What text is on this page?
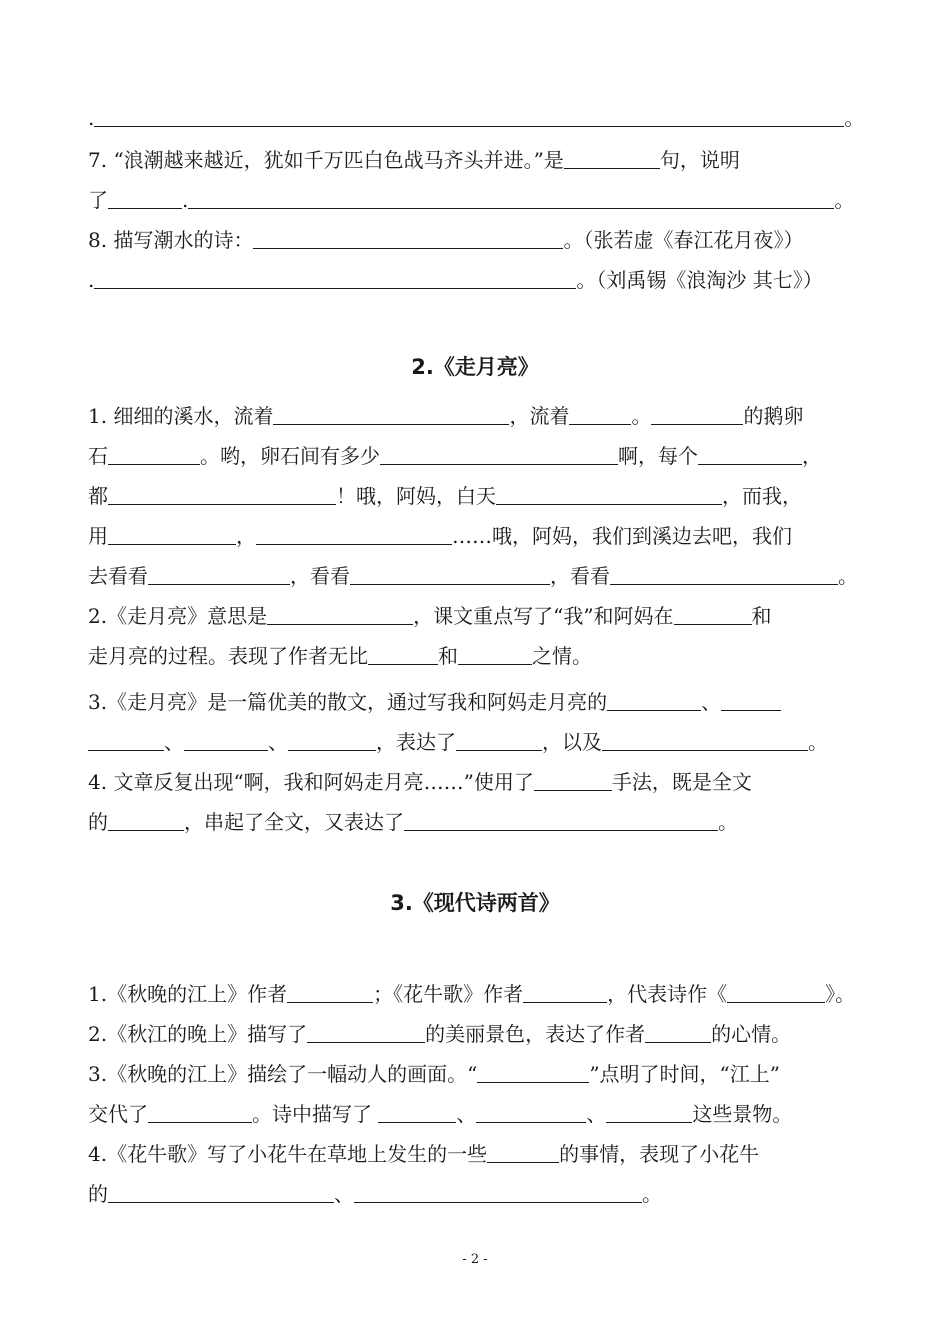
.	。
7. “浪潮越来越近，犹如千万匹白色战马齐头并进。”是	句，说明
了	.	。
8. 描写潮水的诗：	。（张若虚《春江花月夜》）
.	。（刘禹锡《浪淘沙 其七》）
2.《走月亮》
1. 细细的溪水，流着	，流着	。	的鹅卵
石	。哟，卵石间有多少	啊，每个	，
都	！哦，阿妈，白天	，而我，
用	，	……哦，阿妈，我们到溪边去吧，我们
去看看	，看看	，看看	。
2.《走月亮》意思是	，课文重点写了“我”和阿妈在	和
走月亮的过程。表现了作者无比	和	之情。
3.《走月亮》是一篇优美的散文，通过写我和阿妈走月亮的	、
、	、	，表达了	，以及	。
4. 文章反复出现“啊，我和阿妈走月亮……”使用了	手法，既是全文
的	，串起了全文，又表达了	。
3.《现代诗两首》
1.《秋晚的江上》作者	；《花牛歌》作者	，代表诗作《	》。
2.《秋江的晚上》描写了	的美丽景色，表达了作者	的心情。
3.《秋晚的江上》描绘了一幅动人的画面。“	”点明了时间，“江上”
交代了	。诗中描写了	、	、	这些景物。
4.《花牛歌》写了小花牛在草地上发生的一些	的事情，表现了小花牛
的	、	。
- 2 -
